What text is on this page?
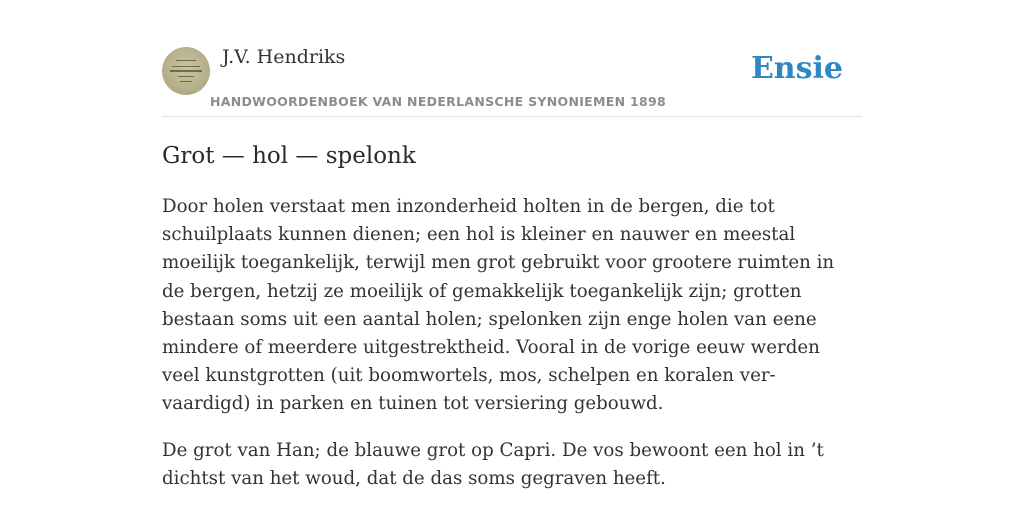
J.V. Hendriks
HANDWOORDENBOEK VAN NEDERLANSCHE SYNONIEMEN 1898
Ensie
Grot — hol — spelonk

Door holen verstaat men inzonderheid holten in de bergen, die tot schuilplaats kunnen dienen; een hol is kleiner en nauwer en meestal moeilijk toegankelijk, terwijl men grot gebruikt voor grootere ruimten in de bergen, hetzij ze moeilijk of gemakkelijk toegankelijk zijn; grotten bestaan soms uit een aantal holen; spelonken zijn enge holen van eene mindere of meerdere uitgestrektheid. Vooral in de vorige eeuw werden veel kunstgrotten (uit boomwortels, mos, schelpen en koralen ver-vaardigd) in parken en tuinen tot versiering gebouwd.

De grot van Han; de blauwe grot op Capri. De vos bewoont een hol in ’t dichtst van het woud, dat de das soms gegraven heeft.
